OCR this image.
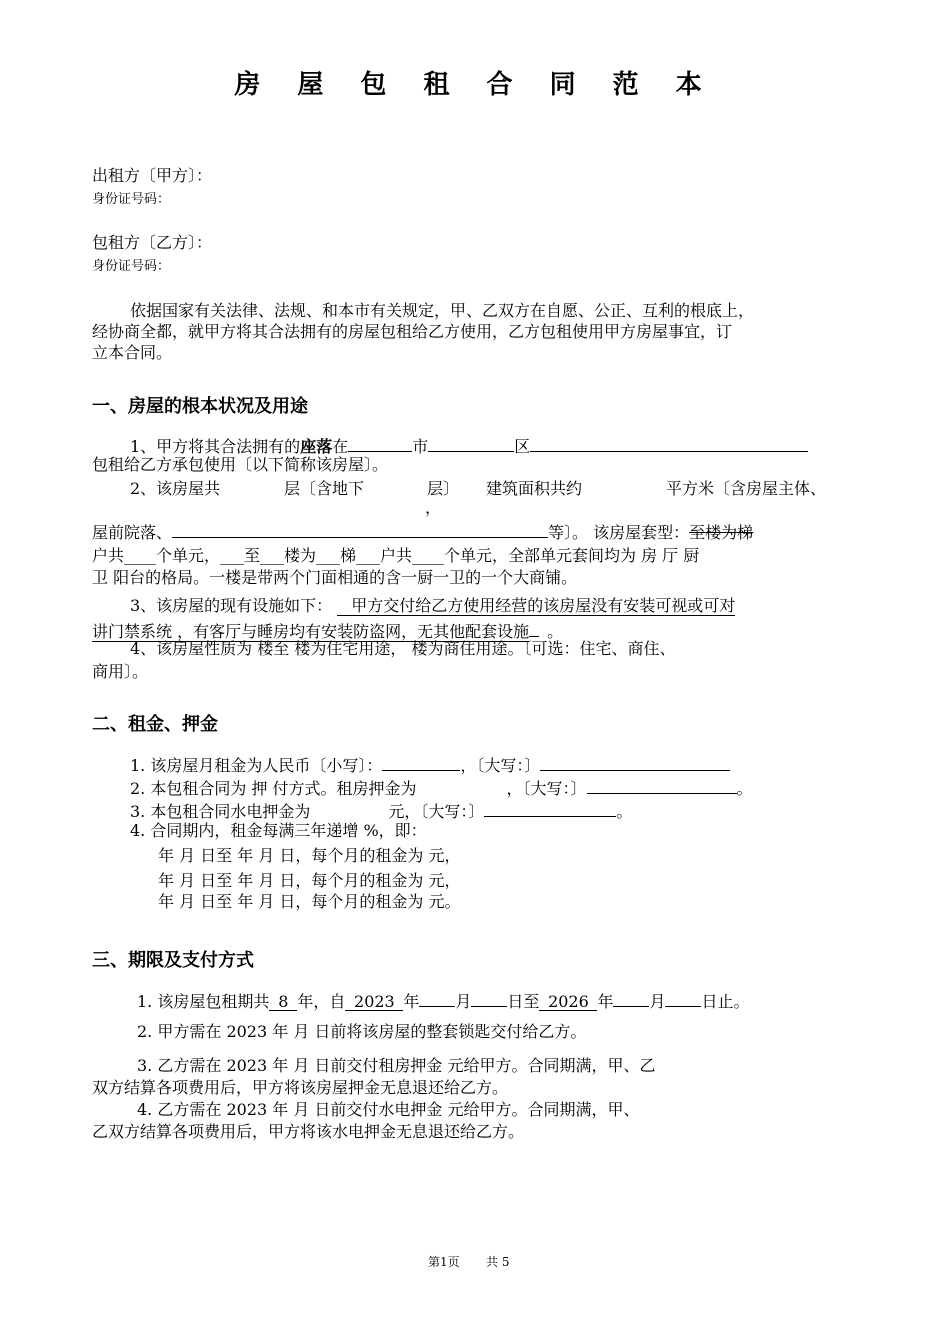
房 屋 包 租 合 同 范 本
出租方〔甲方〕：
身份证号码：
包租方〔乙方〕：
身份证号码：
依据国家有关法律、法规、和本市有关规定，甲、乙双方在自愿、公正、互利的根底上，
经协商全都，就甲方将其合法拥有的房屋包租给乙方使用，乙方包租使用甲方房屋事宜，订
立本合同。
一、房屋的根本状况及用途
1、甲方将其合法拥有的座落在	市	区
包租给乙方承包使用〔以下简称该房屋〕。
2、该房屋共	层〔含地下	层〕
，
建筑面积共约	平方米〔含房屋主体、
屋前院落、	等〕。 该房屋套型：至楼为梯
户共____个单元，___至___楼为___梯___户共____个单元，全部单元套间均为 房 厅 厨
卫 阳台的格局。一楼是带两个门面相通的含一厨一卫的一个大商铺。
3、该房屋的现有设施如下： 甲方交付给乙方使用经营的该房屋没有安装可视或可对
讲门禁系统 ，有客厅与睡房均有安装防盗网，无其他配套设施 。
4、该房屋性质为 楼至 楼为住宅用途， 楼为商住用途。〔可选：住宅、商住、
商用〕。
二、租金、押金
1. 该房屋月租金为人民币〔小写〕：	，〔大写：〕
2. 本包租合同为 押 付方式。租房押金为	，〔大写：〕	。
3. 本包租合同水电押金为	元，〔大写：〕	。
4. 合同期内，租金每满三年递增 %，即：
年 月 日至 年 月 日，每个月的租金为 元，
年 月 日至 年 月 日，每个月的租金为 元，
年 月 日至 年 月 日，每个月的租金为 元。
三、期限及支付方式
1. 该房屋包租期共 8 年，自 2023 年 月 日至 2026 年 月 日止。
2. 甲方需在 2023 年 月 日前将该房屋的整套锁匙交付给乙方。
3. 乙方需在 2023 年 月 日前交付租房押金 元给甲方。合同期满，甲、乙
双方结算各项费用后，甲方将该房屋押金无息退还给乙方。
4. 乙方需在 2023 年 月 日前交付水电押金 元给甲方。合同期满，甲、
乙双方结算各项费用后，甲方将该水电押金无息退还给乙方。
第1页 共 5
